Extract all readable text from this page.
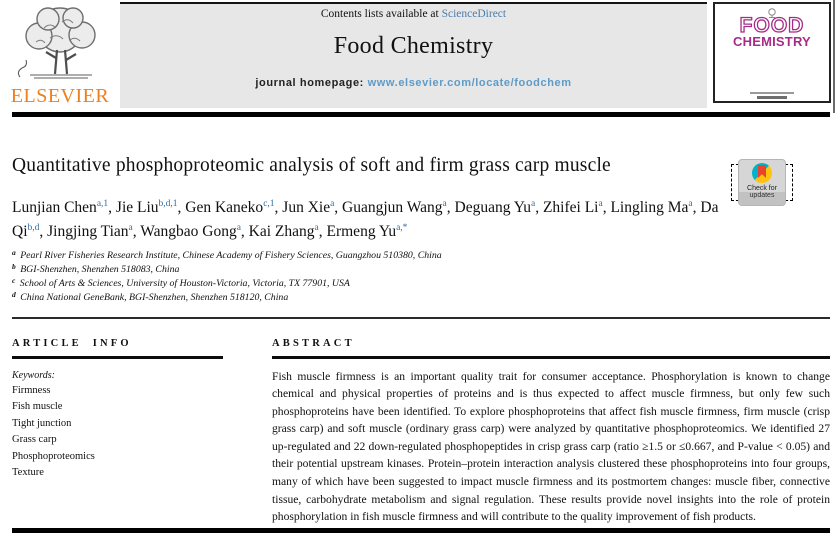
ELSEVIER
Contents lists available at ScienceDirect
Food Chemistry
journal homepage: www.elsevier.com/locate/foodchem
FOOD
CHEMISTRY
Quantitative phosphoproteomic analysis of soft and firm grass carp muscle
Check for
updates

Lunjian Chen$^{a,1}$, Jie Liu$^{b,d,1}$, Gen Kaneko$^{c,1}$, Jun Xie$^a$, Guangjun Wang$^a$, Deguang Yu$^a$, Zhifei Li$^a$, Lingling Ma$^a$, Da Qi$^{b,d}$, Jingjing Tian$^a$, Wangbao Gong$^a$, Kai Zhang$^a$, Ermeng $Yu^{a,*}$

$^a$ Pearl River Fisheries Research Institute, Chinese Academy of Fishery Sciences, Guangzhou 510380, China
$^b$ BGI-Shenzhen, Shenzhen 518083, China
$^c$ School of Arts & Sciences, University of Houston-Victoria, Victoria, TX 77901, USA
$^d$ China National GeneBank, BGI-Shenzhen, Shenzhen 518120, China
ARTICLE INFO
Keywords:
Firmness
Fish muscle
Tight junction
Grass carp
Phosphoproteomics
Texture
ABSTRACT

Fish muscle firmness is an important quality trait for consumer acceptance. Phosphorylation is known to change chemical and physical properties of proteins and is thus expected to affect muscle firmness, but only few such phosphoproteins have been identified. To explore phosphoproteins that affect fish muscle firmness, firm muscle (crisp grass carp) and soft muscle (ordinary grass carp) were analyzed by quantitative phosphoproteomics. We identified 27 up-regulated and 22 down-regulated phosphopeptides in crisp grass carp (ratio ≥1.5 or ≤0.667, and P-value < 0.05) and their potential upstream kinases. Protein–protein interaction analysis clustered these phosphoproteins into four groups, many of which have been suggested to impact muscle firmness and its postmortem changes: muscle fiber, connective tissue, carbohydrate metabolism and signal regulation. These results provide novel insights into the role of protein phosphorylation in fish muscle firmness and will contribute to the quality improvement of fish products.
